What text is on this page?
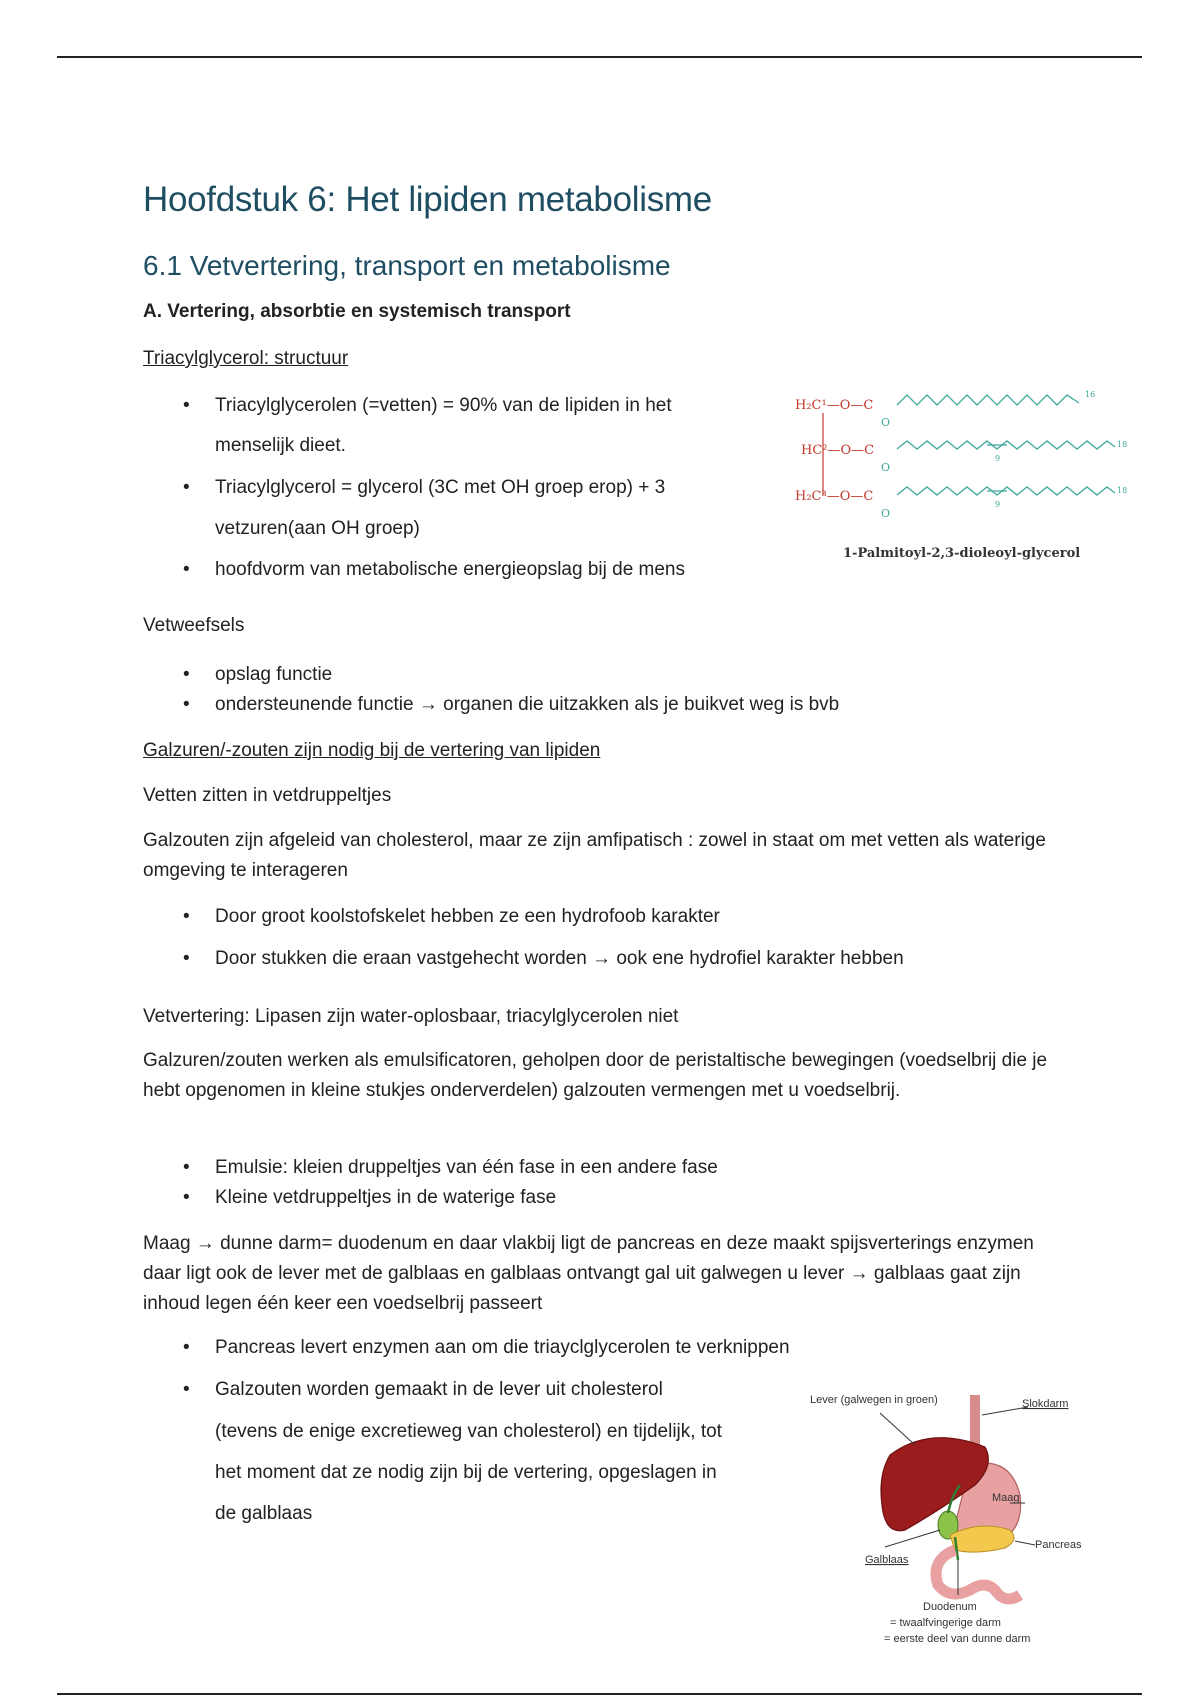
Hoofdstuk 6: Het lipiden metabolisme
6.1 Vetvertering, transport en metabolisme
A. Vertering, absorbtie en systemisch transport

Triacylglycerol: structuur

• Triacylglycerolen (=vetten) = 90% van de lipiden in het
menselijk dieet.
• Triacylglycerol = glycerol (3C met OH groep erop) + 3
vetzuren(aan OH groep)
• hoofdvorm van metabolische energieopslag bij de mens
H₂C¹—O—C
HC²—O—C
H₂C³—O—C
O
O
O
16
18
18
9
9
1-Palmitoyl-2,3-dioleoyl-glycerol

Vetweefsels

• opslag functie
• ondersteunende functie → organen die uitzakken als je buikvet weg is bvb

Galzuren/-zouten zijn nodig bij de vertering van lipiden

Vetten zitten in vetdruppeltjes

Galzouten zijn afgeleid van cholesterol, maar ze zijn amfipatisch : zowel in staat om met vetten als waterige omgeving te interageren

• Door groot koolstofskelet hebben ze een hydrofoob karakter
• Door stukken die eraan vastgehecht worden → ook ene hydrofiel karakter hebben

Vetvertering: Lipasen zijn water-oplosbaar, triacylglycerolen niet

Galzuren/zouten werken als emulsificatoren, geholpen door de peristaltische bewegingen (voedselbrij die je hebt opgenomen in kleine stukjes onderverdelen) galzouten vermengen met u voedselbrij.

• Emulsie: kleien druppeltjes van één fase in een andere fase
• Kleine vetdruppeltjes in de waterige fase

Maag → dunne darm= duodenum en daar vlakbij ligt de pancreas en deze maakt spijsverterings enzymen daar ligt ook de lever met de galblaas en galblaas ontvangt gal uit galwegen u lever → galblaas gaat zijn inhoud legen één keer een voedselbrij passeert

• Pancreas levert enzymen aan om die triayclglycerolen te verknippen
• Galzouten worden gemaakt in de lever uit cholesterol
(tevens de enige excretieweg van cholesterol) en tijdelijk, tot
het moment dat ze nodig zijn bij de vertering, opgeslagen in
de galblaas
Lever (galwegen in groen)	Slokdarm
Maag
Pancreas
Galblaas
Duodenum
= twaalfvingerige darm
= eerste deel van dunne darm
